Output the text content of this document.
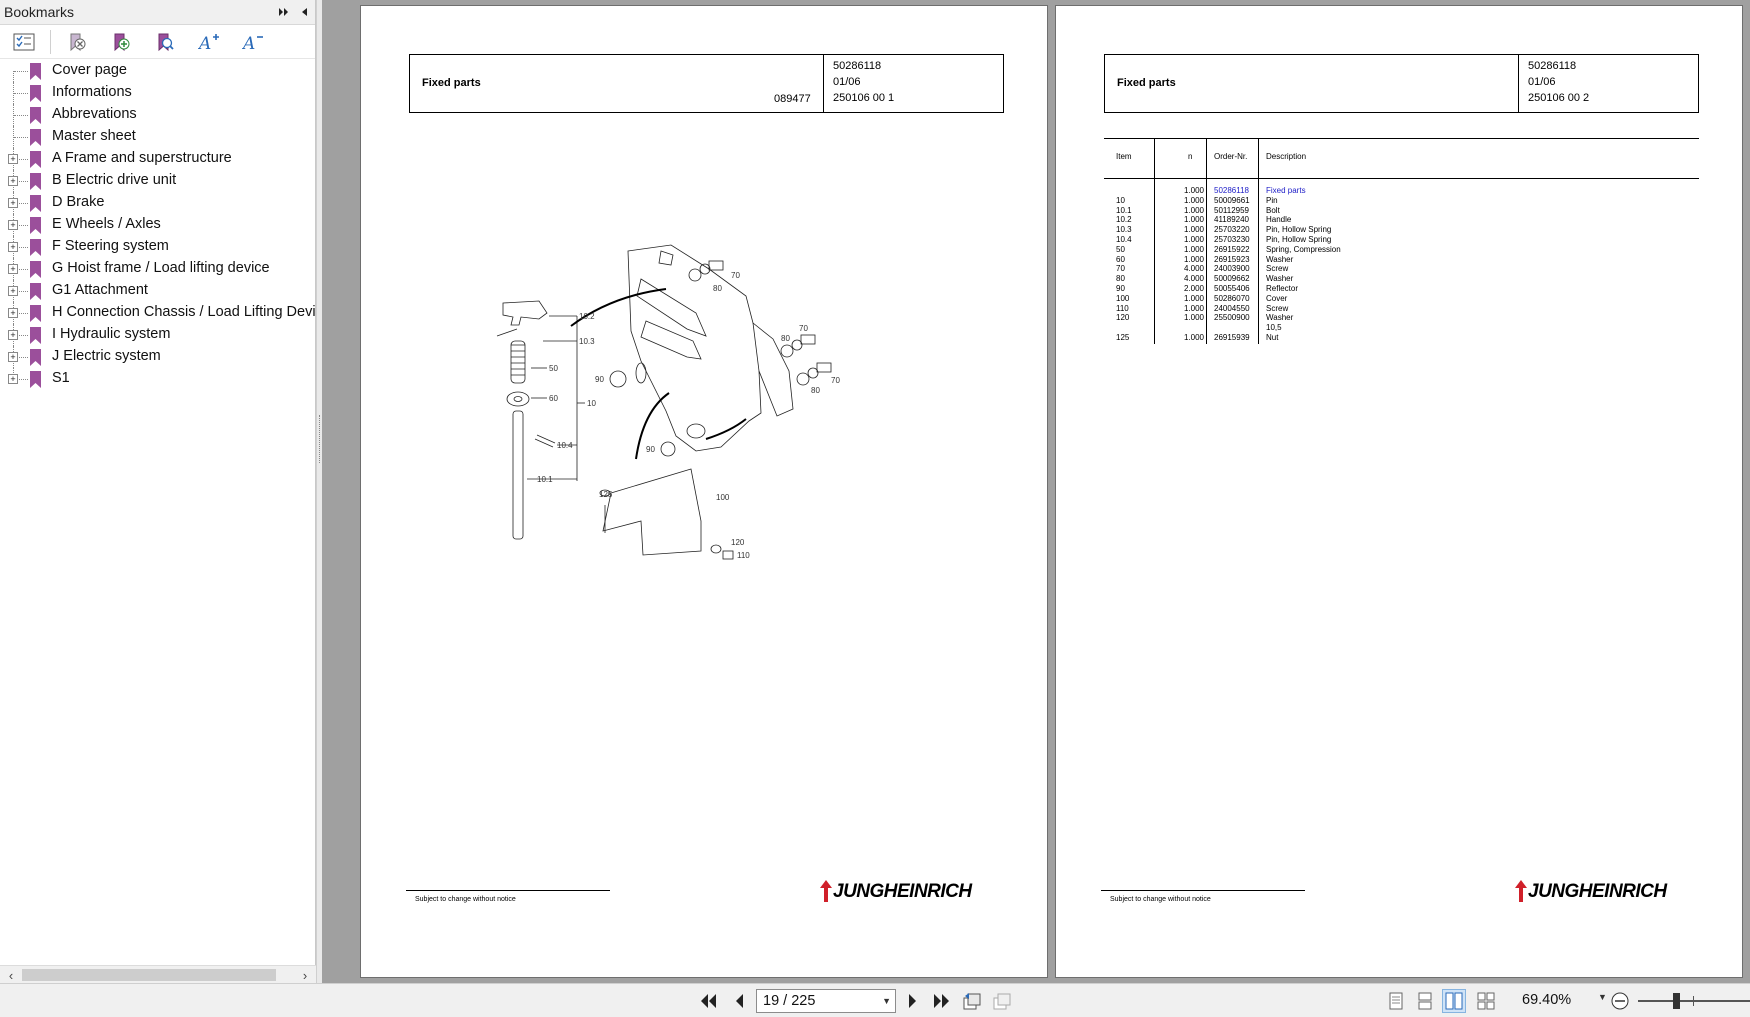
Bookmarks
A A
Cover page
Informations
Abbrevations
Master sheet
+	A Frame and superstructure
+	B Electric drive unit
+	D Brake
+	E Wheels / Axles
+	F Steering system
+	G Hoist frame / Load lifting device
+	G1 Attachment
+	H Connection Chassis / Load Lifting Devi
+	I Hydraulic system
+	J Electric system
+	S1
‹	›
Fixed parts
089477
50286118
01/06
250106 00 1
10.2
10.3
50
60
10
10.4
10.1
70
80
70
80
70
80
90
90
125	100
120
110
Subject to change without notice	JUNGHEINRICH
Fixed parts
50286118
01/06
250106 00 2
Item	n	Order-Nr. Description
1.000 50286118 Fixed parts
10	1.000 50009661 Pin
10.1	1.000 50112959 Bolt
10.2	1.000 41189240 Handle
10.3	1.000 25703220 Pin, Hollow Spring
10.4	1.000 25703230 Pin, Hollow Spring
50	1.000 26915922 Spring, Compression
60	1.000 26915923 Washer
70	4.000 24003900 Screw
80	4.000 50009662 Washer
90	2.000 50055406 Reflector
100	1.000 50286070 Cover
110	1.000 24004550 Screw
120	1.000 25500900 Washer
10,5
125	1.000 26915939 Nut
Subject to change without notice	JUNGHEINRICH
19 / 225	▼	69.40%	▼
